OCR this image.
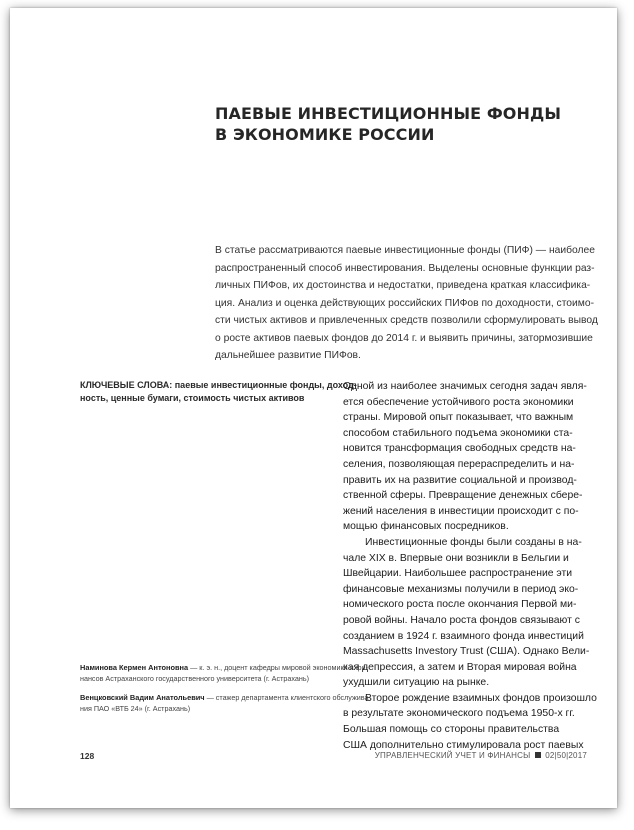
ПАЕВЫЕ ИНВЕСТИЦИОННЫЕ ФОНДЫ
В ЭКОНОМИКЕ РОССИИ
В статье рассматриваются паевые инвестиционные фонды (ПИФ) — наиболее
распространенный способ инвестирования. Выделены основные функции раз-
личных ПИФов, их достоинства и недостатки, приведена краткая классифика-
ция. Анализ и оценка действующих российских ПИФов по доходности, стоимо-
сти чистых активов и привлеченных средств позволили сформулировать вывод
о росте активов паевых фондов до 2014 г. и выявить причины, затормозившие
дальнейшее развитие ПИФов.
КЛЮЧЕВЫЕ СЛОВА: паевые инвестиционные фонды, доход-
ность, ценные бумаги, стоимость чистых активов
Одной из наиболее значимых сегодня задач явля-
ется обеспечение устойчивого роста экономики
страны. Мировой опыт показывает, что важным
способом стабильного подъема экономики ста-
новится трансформация свободных средств на-
селения, позволяющая перераспределить и на-
править их на развитие социальной и производ-
ственной сферы. Превращение денежных сбере-
жений населения в инвестиции происходит с по-
мощью финансовых посредников.
Инвестиционные фонды были созданы в на-
чале XIX в. Впервые они возникли в Бельгии и
Швейцарии. Наибольшее распространение эти
финансовые механизмы получили в период эко-
номического роста после окончания Первой ми-
ровой войны. Начало роста фондов связывают с
созданием в 1924 г. взаимного фонда инвестиций
Massachusetts Investory Trust (США). Однако Вели-
кая депрессия, а затем и Вторая мировая война
ухудшили ситуацию на рынке.
Второе рождение взаимных фондов произошло
в результате экономического подъема 1950-х гг.
Большая помощь со стороны правительства
США дополнительно стимулировала рост паевых
Наминова Кермен Антоновна — к. э. н., доцент кафедры мировой экономики и фи-
нансов Астраханского государственного университета (г. Астрахань)
Венцковский Вадим Анатольевич — стажер департамента клиентского обслужива-
ния ПАО «ВТБ 24» (г. Астрахань)
128	УПРАВЛЕНЧЕСКИЙ УЧЕТ И ФИНАНСЫ 02|50|2017
